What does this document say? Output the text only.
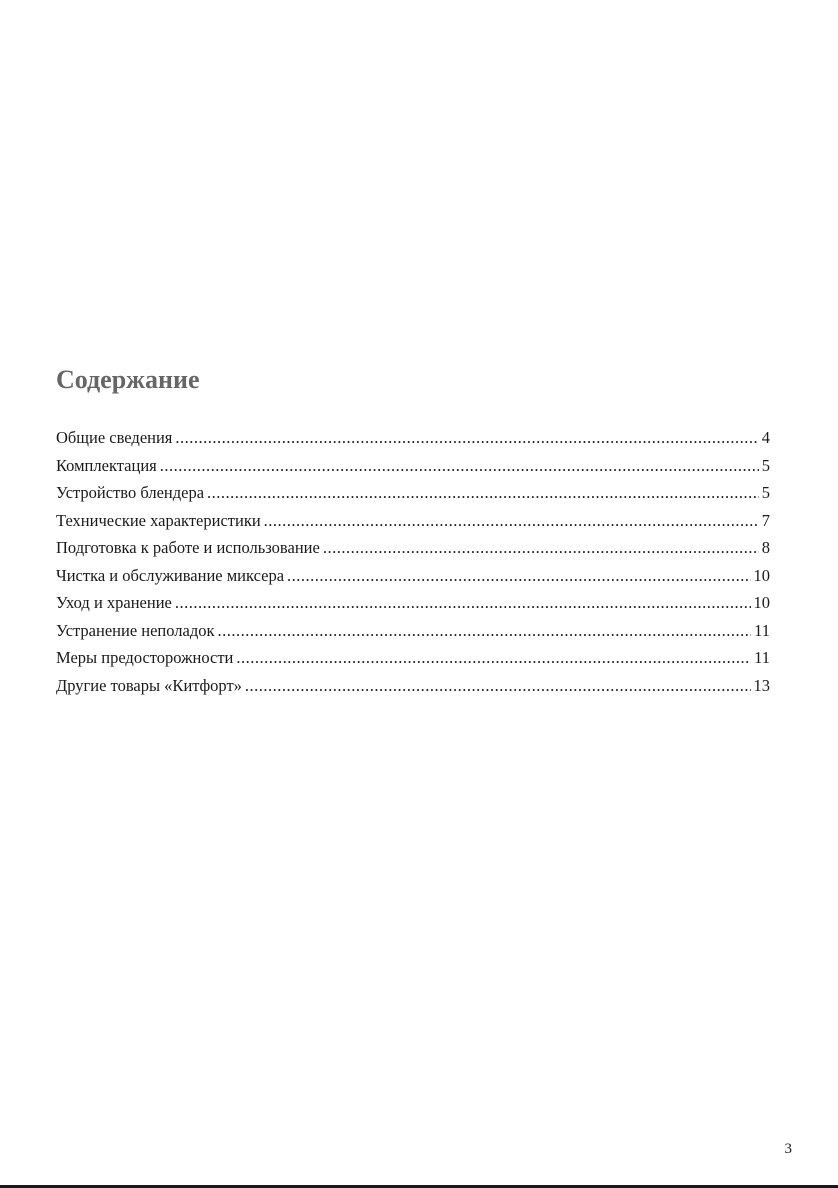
Содержание
Общие сведения .....	4
Комплектация .....	5
Устройство блендера .....	5
Технические характеристики .....	7
Подготовка к работе и использование .....	8
Чистка и обслуживание миксера .....	10
Уход и хранение .....	10
Устранение неполадок .....	11
Меры предосторожности .....	11
Другие товары «Китфорт» .....	13
3
